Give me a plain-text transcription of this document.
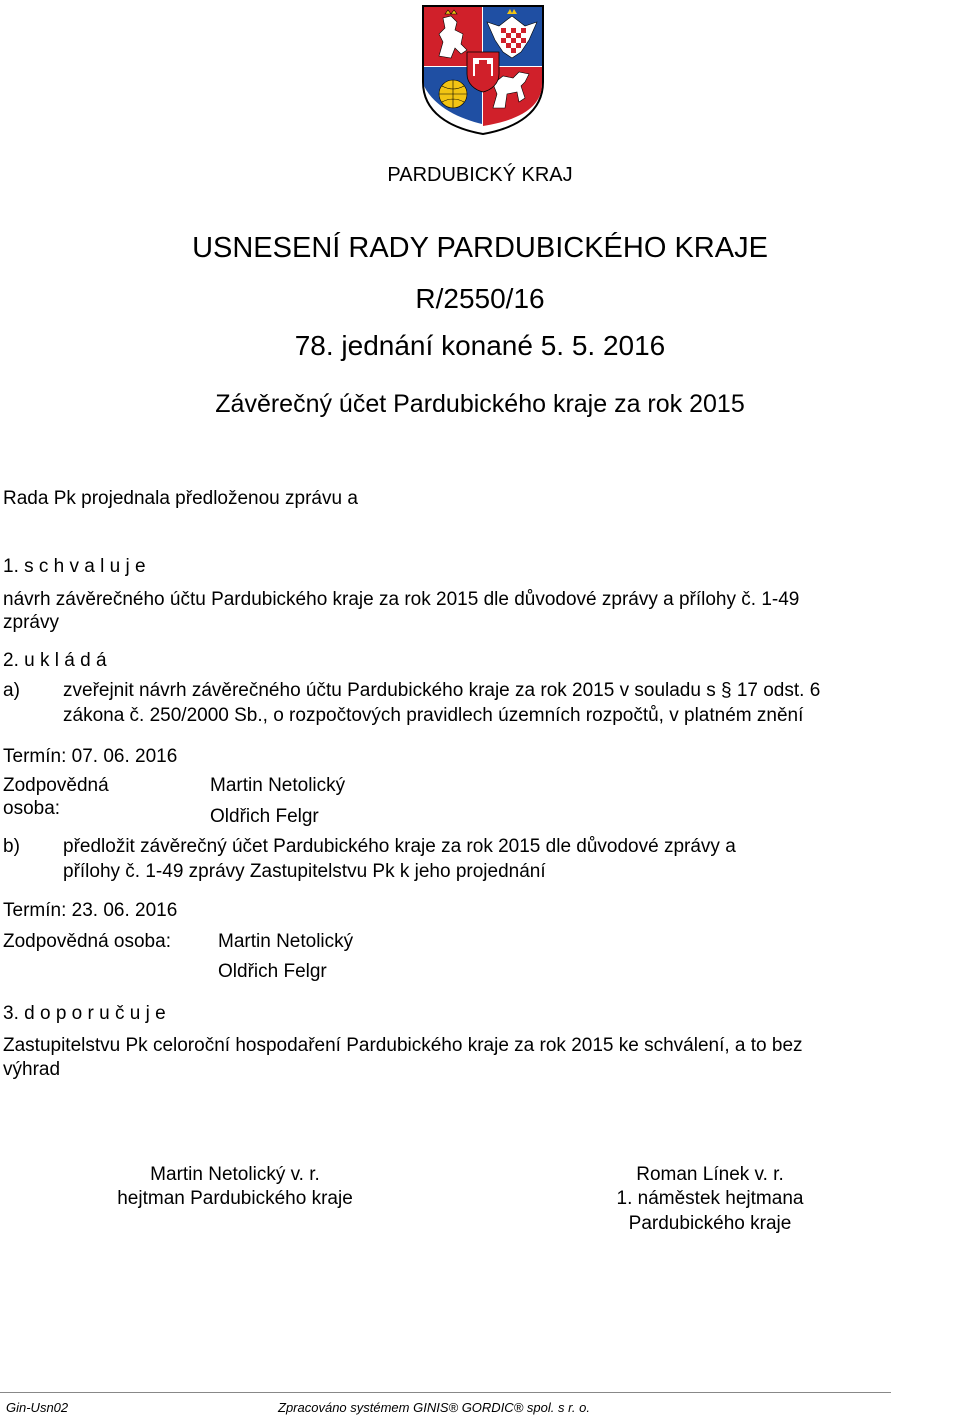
PARDUBICKÝ KRAJ
USNESENÍ RADY PARDUBICKÉHO KRAJE
R/2550/16
78. jednání konané 5. 5. 2016
Závěrečný účet Pardubického kraje za rok 2015
Rada Pk projednala předloženou zprávu a
1. s c h v a l u j e
návrh závěrečného účtu Pardubického kraje za rok 2015 dle důvodové zprávy a přílohy č. 1-49
zprávy
2. u k l á d á
a) zveřejnit návrh závěrečného účtu Pardubického kraje za rok 2015 v souladu s § 17 odst. 6
zákona č. 250/2000 Sb., o rozpočtových pravidlech územních rozpočtů, v platném znění
Termín: 07. 06. 2016
Zodpovědná
osoba:
Martin Netolický
Oldřich Felgr
b) předložit závěrečný účet Pardubického kraje za rok 2015 dle důvodové zprávy a
přílohy č. 1-49 zprávy Zastupitelstvu Pk k jeho projednání
Termín: 23. 06. 2016
Zodpovědná osoba: Martin Netolický
Oldřich Felgr
3. d o p o r u č u j e
Zastupitelstvu Pk celoroční hospodaření Pardubického kraje za rok 2015 ke schválení, a to bez
výhrad
Martin Netolický v. r.
hejtman Pardubického kraje
Roman Línek v. r.
1. náměstek hejtmana
Pardubického kraje
Gin-Usn02	Zpracováno systémem GINIS® GORDIC® spol. s r. o.
